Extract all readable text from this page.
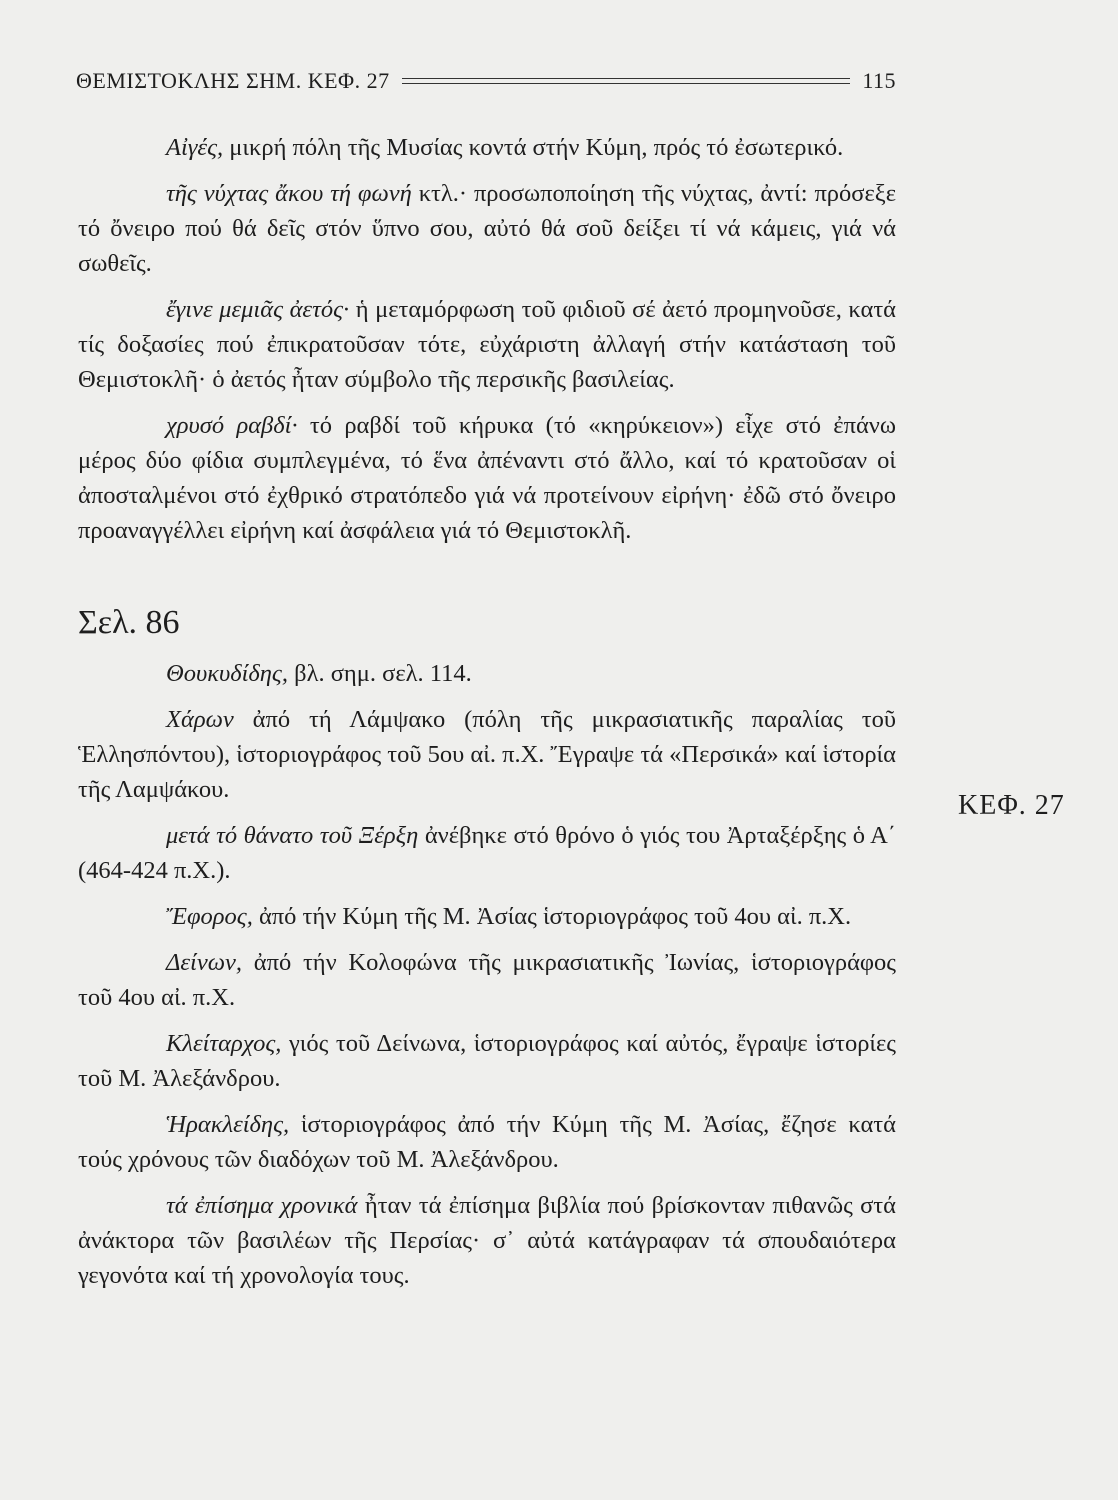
ΘΕΜΙΣΤΟΚΛΗΣ ΣΗΜ. ΚΕΦ. 27	115

Αἰγές, μικρή πόλη τῆς Μυσίας κοντά στήν Κύμη, πρός τό ἐσωτερικό.

τῆς νύχτας ἄκου τή φωνή κτλ.· προσωποποίηση τῆς νύχτας, ἀντί: πρόσεξε τό ὄνειρο πού θά δεῖς στόν ὕπνο σου, αὐτό θά σοῦ δείξει τί νά κάμεις, γιά νά σωθεῖς.

ἔγινε μεμιᾶς ἀετός· ἡ μεταμόρφωση τοῦ φιδιοῦ σέ ἀετό προμηνοῦσε, κατά τίς δοξασίες πού ἐπικρατοῦσαν τότε, εὐχάριστη ἀλλαγή στήν κατάσταση τοῦ Θεμιστοκλῆ· ὁ ἀετός ἦταν σύμβολο τῆς περσικῆς βασιλείας.

χρυσό ραβδί· τό ραβδί τοῦ κήρυκα (τό «κηρύκειον») εἶχε στό ἐπάνω μέρος δύο φίδια συμπλεγμένα, τό ἕνα ἀπέναντι στό ἄλλο, καί τό κρατοῦσαν οἱ ἀποσταλμένοι στό ἐχθρικό στρατόπεδο γιά νά προτείνουν εἰρήνη· ἐδῶ στό ὄνειρο προαναγγέλλει εἰρήνη καί ἀσφάλεια γιά τό Θεμιστοκλῆ.

Σελ. 86

Θουκυδίδης, βλ. σημ. σελ. 114.

Χάρων ἀπό τή Λάμψακο (πόλη τῆς μικρασιατικῆς παραλίας τοῦ Ἑλλησπόντου), ἱστοριογράφος τοῦ 5ου αἰ. π.Χ. Ἔγραψε τά «Περσικά» καί ἱστορία τῆς Λαμψάκου.

μετά τό θάνατο τοῦ Ξέρξη ἀνέβηκε στό θρόνο ὁ γιός του Ἀρταξέρξης ὁ Α΄ (464-424 π.Χ.).

Ἔφορος, ἀπό τήν Κύμη τῆς Μ. Ἀσίας ἱστοριογράφος τοῦ 4ου αἰ. π.Χ.

Δείνων, ἀπό τήν Κολοφώνα τῆς μικρασιατικῆς Ἰωνίας, ἱστοριογράφος τοῦ 4ου αἰ. π.Χ.

Κλείταρχος, γιός τοῦ Δείνωνα, ἱστοριογράφος καί αὐτός, ἔγραψε ἱστορίες τοῦ Μ. Ἀλεξάνδρου.

Ἡρακλείδης, ἱστοριογράφος ἀπό τήν Κύμη τῆς Μ. Ἀσίας, ἔζησε κατά τούς χρόνους τῶν διαδόχων τοῦ Μ. Ἀλεξάνδρου.

τά ἐπίσημα χρονικά ἦταν τά ἐπίσημα βιβλία πού βρίσκονταν πιθανῶς στά ἀνάκτορα τῶν βασιλέων τῆς Περσίας· σ᾽ αὐτά κατάγραφαν τά σπουδαιότερα γεγονότα καί τή χρονολογία τους.

ΚΕΦ. 27
